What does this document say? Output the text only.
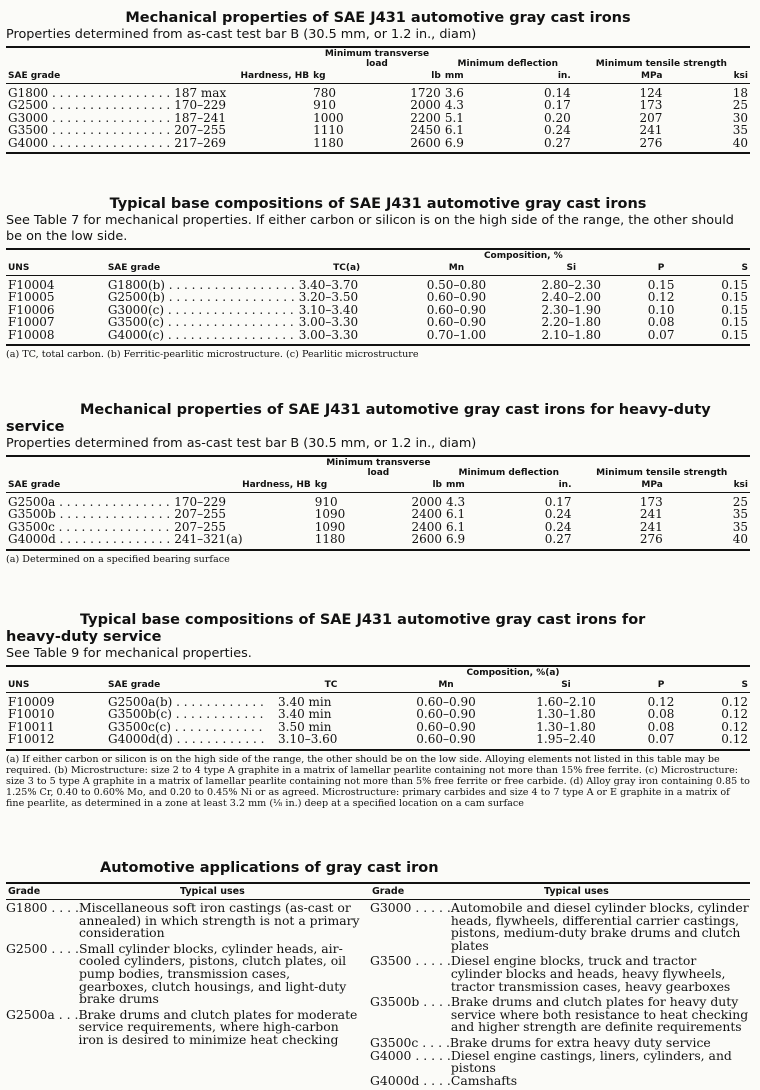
Mechanical properties of SAE J431 automotive gray cast irons
Properties determined from as-cast test bar B (30.5 mm, or 1.2 in., diam)
		Minimum transverse load		Minimum deflection		Minimum tensile strength	
SAE grade	Hardness, HB	kg	lb	mm	in.	MPa	ksi
G1800 . . . . . . . . . . . . . . . .	187 max	780	1720	3.6	0.14	124	18
G2500 . . . . . . . . . . . . . . . .	170–229	910	2000	4.3	0.17	173	25
G3000 . . . . . . . . . . . . . . . .	187–241	1000	2200	5.1	0.20	207	30
G3500 . . . . . . . . . . . . . . . .	207–255	1110	2450	6.1	0.24	241	35
G4000 . . . . . . . . . . . . . . . .	217–269	1180	2600	6.9	0.27	276	40
Typical base compositions of SAE J431 automotive gray cast irons
See Table 7 for mechanical properties. If either carbon or silicon is on the high side of the range, the other should be on the low side.
		Composition, %				
UNS	SAE grade	TC(a)	Mn	Si	P	S
F10004	G1800(b) . . . . . . . . . . . . . . . . .	3.40–3.70	0.50–0.80	2.80–2.30	0.15	0.15
F10005	G2500(b) . . . . . . . . . . . . . . . . .	3.20–3.50	0.60–0.90	2.40–2.00	0.12	0.15
F10006	G3000(c) . . . . . . . . . . . . . . . . .	3.10–3.40	0.60–0.90	2.30–1.90	0.10	0.15
F10007	G3500(c) . . . . . . . . . . . . . . . . .	3.00–3.30	0.60–0.90	2.20–1.80	0.08	0.15
F10008	G4000(c) . . . . . . . . . . . . . . . . .	3.00–3.30	0.70–1.00	2.10–1.80	0.07	0.15
(a) TC, total carbon. (b) Ferritic-pearlitic microstructure. (c) Pearlitic microstructure
Mechanical properties of SAE J431 automotive gray cast irons for heavy-duty
service
Properties determined from as-cast test bar B (30.5 mm, or 1.2 in., diam)
		Minimum transverse load		Minimum deflection		Minimum tensile strength	
SAE grade	Hardness, HB	kg	lb	mm	in.	MPa	ksi
G2500a . . . . . . . . . . . . . . .	170–229	910	2000	4.3	0.17	173	25
G3500b . . . . . . . . . . . . . . .	207–255	1090	2400	6.1	0.24	241	35
G3500c . . . . . . . . . . . . . . .	207–255	1090	2400	6.1	0.24	241	35
G4000d . . . . . . . . . . . . . . .	241–321(a)	1180	2600	6.9	0.27	276	40
(a) Determined on a specified bearing surface
Typical base compositions of SAE J431 automotive gray cast irons for
heavy-duty service
See Table 9 for mechanical properties.
		Composition, %(a)				
UNS	SAE grade	TC	Mn	Si	P	S
F10009	G2500a(b) . . . . . . . . . . . .	3.40 min	0.60–0.90	1.60–2.10	0.12	0.12
F10010	G3500b(c) . . . . . . . . . . . .	3.40 min	0.60–0.90	1.30–1.80	0.08	0.12
F10011	G3500c(c) . . . . . . . . . . . .	3.50 min	0.60–0.90	1.30–1.80	0.08	0.12
F10012	G4000d(d) . . . . . . . . . . . .	3.10–3.60	0.60–0.90	1.95–2.40	0.07	0.12
(a) If either carbon or silicon is on the high side of the range, the other should be on the low side. Alloying elements not listed in this table may be required. (b) Microstructure: size 2 to 4 type A graphite in a matrix of lamellar pearlite containing not more than 15% free ferrite. (c) Microstructure: size 3 to 5 type A graphite in a matrix of lamellar pearlite containing not more than 5% free ferrite or free carbide. (d) Alloy gray iron containing 0.85 to 1.25% Cr, 0.40 to 0.60% Mo, and 0.20 to 0.45% Ni or as agreed. Microstructure: primary carbides and size 4 to 7 type A or E graphite in a matrix of fine pearlite, as determined in a zone at least 3.2 mm (⅛ in.) deep at a specified location on a cam surface
Automotive applications of gray cast iron
Grade	Typical uses	Grade	Typical uses
G1800 . . . . Miscellaneous soft iron castings (as-cast or annealed) in which strength is not a primary consideration
G2500 . . . . Small cylinder blocks, cylinder heads, air-cooled cylinders, pistons, clutch plates, oil pump bodies, transmission cases, gearboxes, clutch housings, and light-duty brake drums
G2500a . . . Brake drums and clutch plates for moderate service requirements, where high-carbon iron is desired to minimize heat checking
G3000 . . . . . Automobile and diesel cylinder blocks, cylinder heads, flywheels, differential carrier castings, pistons, medium-duty brake drums and clutch plates
G3500 . . . . . Diesel engine blocks, truck and tractor cylinder blocks and heads, heavy flywheels, tractor transmission cases, heavy gearboxes
G3500b . . . . Brake drums and clutch plates for heavy duty service where both resistance to heat checking and higher strength are definite requirements
G3500c . . . . Brake drums for extra heavy duty service
G4000 . . . . . Diesel engine castings, liners, cylinders, and pistons
G4000d . . . . Camshafts
